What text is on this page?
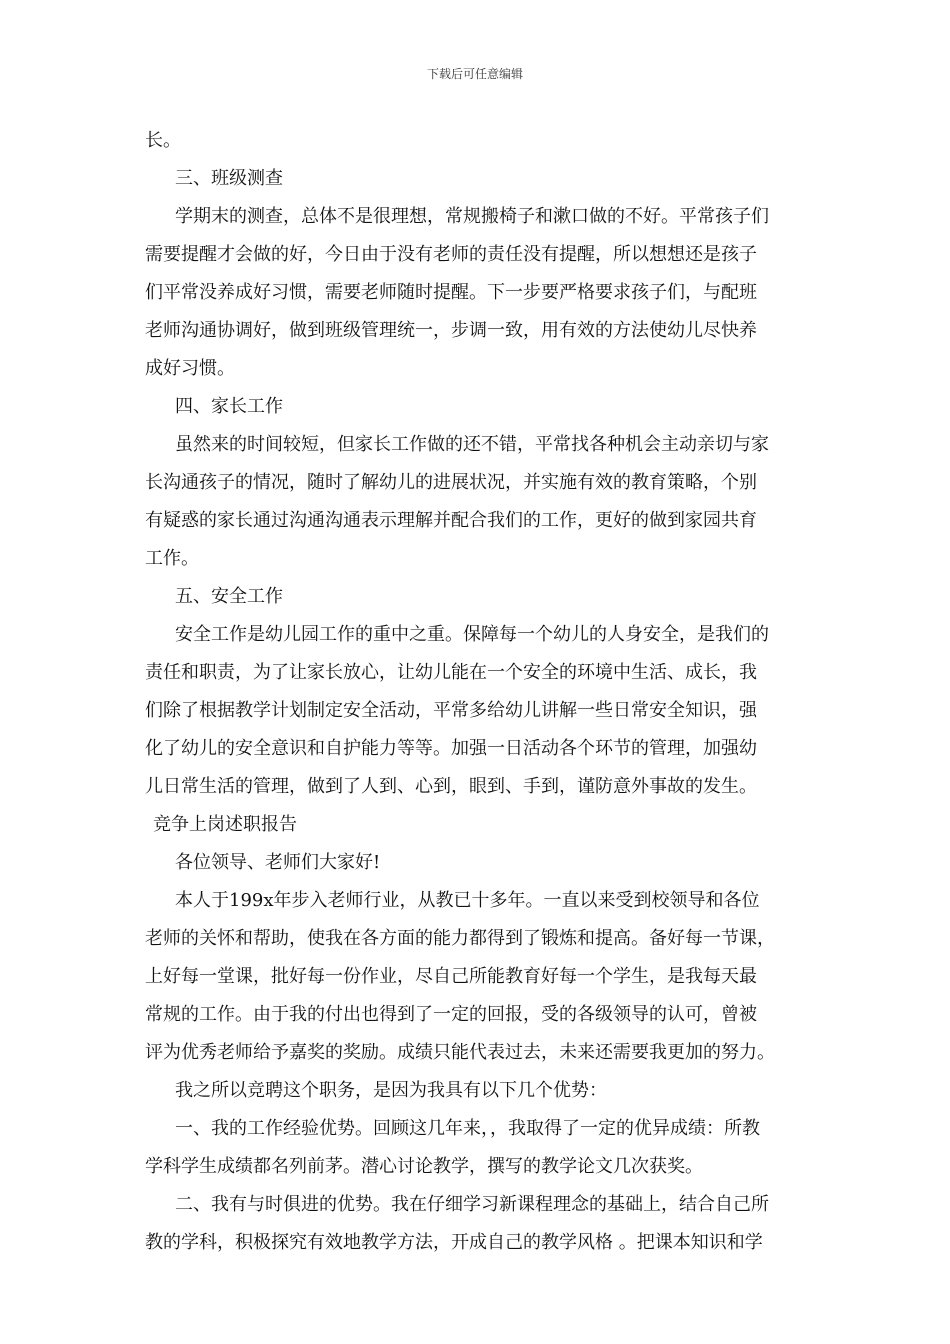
下载后可任意编辑
长。
三、班级测查
学期末的测查，总体不是很理想，常规搬椅子和漱口做的不好。平常孩子们
需要提醒才会做的好，今日由于没有老师的责任没有提醒，所以想想还是孩子
们平常没养成好习惯，需要老师随时提醒。下一步要严格要求孩子们，与配班
老师沟通协调好，做到班级管理统一，步调一致，用有效的方法使幼儿尽快养
成好习惯。
四、家长工作
虽然来的时间较短，但家长工作做的还不错，平常找各种机会主动亲切与家
长沟通孩子的情况，随时了解幼儿的进展状况，并实施有效的教育策略，个别
有疑惑的家长通过沟通沟通表示理解并配合我们的工作，更好的做到家园共育
工作。
五、安全工作
安全工作是幼儿园工作的重中之重。保障每一个幼儿的人身安全，是我们的
责任和职责，为了让家长放心，让幼儿能在一个安全的环境中生活、成长，我
们除了根据教学计划制定安全活动，平常多给幼儿讲解一些日常安全知识，强
化了幼儿的安全意识和自护能力等等。加强一日活动各个环节的管理，加强幼
儿日常生活的管理，做到了人到、心到，眼到、手到，谨防意外事故的发生。
竞争上岗述职报告
各位领导、老师们大家好!
本人于199x年步入老师行业，从教已十多年。一直以来受到校领导和各位
老师的关怀和帮助，使我在各方面的能力都得到了锻炼和提高。备好每一节课，
上好每一堂课，批好每一份作业，尽自己所能教育好每一个学生，是我每天最
常规的工作。由于我的付出也得到了一定的回报，受的各级领导的认可，曾被
评为优秀老师给予嘉奖的奖励。成绩只能代表过去，未来还需要我更加的努力。
我之所以竞聘这个职务，是因为我具有以下几个优势：
一、我的工作经验优势。回顾这几年来，，我取得了一定的优异成绩：所教
学科学生成绩都名列前茅。潜心讨论教学，撰写的教学论文几次获奖。
二、我有与时俱进的优势。我在仔细学习新课程理念的基础上，结合自己所
教的学科，积极探究有效地教学方法，开成自己的教学风格 。把课本知识和学
